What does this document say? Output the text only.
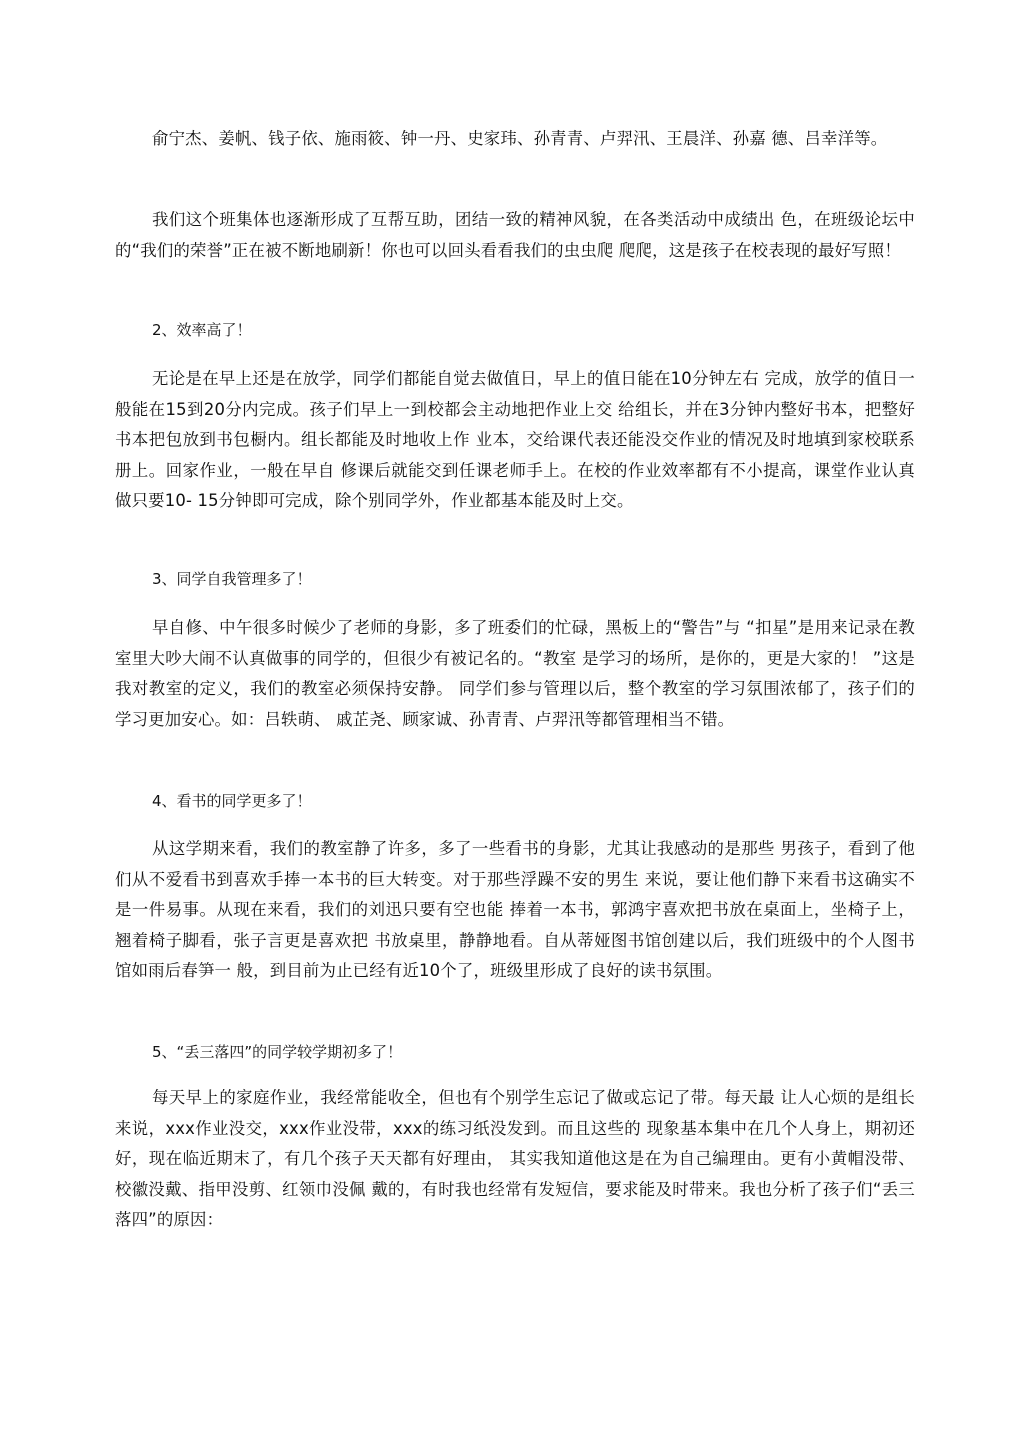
俞宁杰、姜帆、钱子依、施雨筱、钟一丹、史家玮、孙青青、卢羿汛、王晨洋、孙嘉 德、吕幸洋等。

我们这个班集体也逐渐形成了互帮互助，团结一致的精神风貌，在各类活动中成绩出 色，在班级论坛中的“我们的荣誉”正在被不断地刷新！你也可以回头看看我们的虫虫爬 爬爬，这是孩子在校表现的最好写照！

2、效率高了！

无论是在早上还是在放学，同学们都能自觉去做值日，早上的值日能在10分钟左右 完成，放学的值日一般能在15到20分内完成。孩子们早上一到校都会主动地把作业上交 给组长，并在3分钟内整好书本，把整好书本把包放到书包橱内。组长都能及时地收上作 业本，交给课代表还能没交作业的情况及时地填到家校联系册上。回家作业，一般在早自 修课后就能交到任课老师手上。在校的作业效率都有不小提高，课堂作业认真做只要10- 15分钟即可完成，除个别同学外，作业都基本能及时上交。

3、同学自我管理多了！

早自修、中午很多时候少了老师的身影，多了班委们的忙碌，黑板上的“警告”与 “扣星”是用来记录在教室里大吵大闹不认真做事的同学的，但很少有被记名的。“教室 是学习的场所，是你的，更是大家的！ ”这是我对教室的定义，我们的教室必须保持安静。 同学们参与管理以后，整个教室的学习氛围浓郁了，孩子们的学习更加安心。如：吕轶萌、 戚芷尧、顾家诚、孙青青、卢羿汛等都管理相当不错。

4、看书的同学更多了！

从这学期来看，我们的教室静了许多，多了一些看书的身影，尤其让我感动的是那些 男孩子，看到了他们从不爱看书到喜欢手捧一本书的巨大转变。对于那些浮躁不安的男生 来说，要让他们静下来看书这确实不是一件易事。从现在来看，我们的刘迅只要有空也能 捧着一本书，郭鸿宇喜欢把书放在桌面上，坐椅子上，翘着椅子脚看，张子言更是喜欢把 书放桌里，静静地看。自从蒂娅图书馆创建以后，我们班级中的个人图书馆如雨后春笋一 般，到目前为止已经有近10个了，班级里形成了良好的读书氛围。

5、“丢三落四”的同学较学期初多了！

每天早上的家庭作业，我经常能收全，但也有个别学生忘记了做或忘记了带。每天最 让人心烦的是组长来说，xxx作业没交，xxx作业没带，xxx的练习纸没发到。而且这些的 现象基本集中在几个人身上，期初还好，现在临近期末了，有几个孩子天天都有好理由， 其实我知道他这是在为自己编理由。更有小黄帽没带、校徽没戴、指甲没剪、红领巾没佩 戴的，有时我也经常有发短信，要求能及时带来。我也分析了孩子们“丢三落四”的原因：
